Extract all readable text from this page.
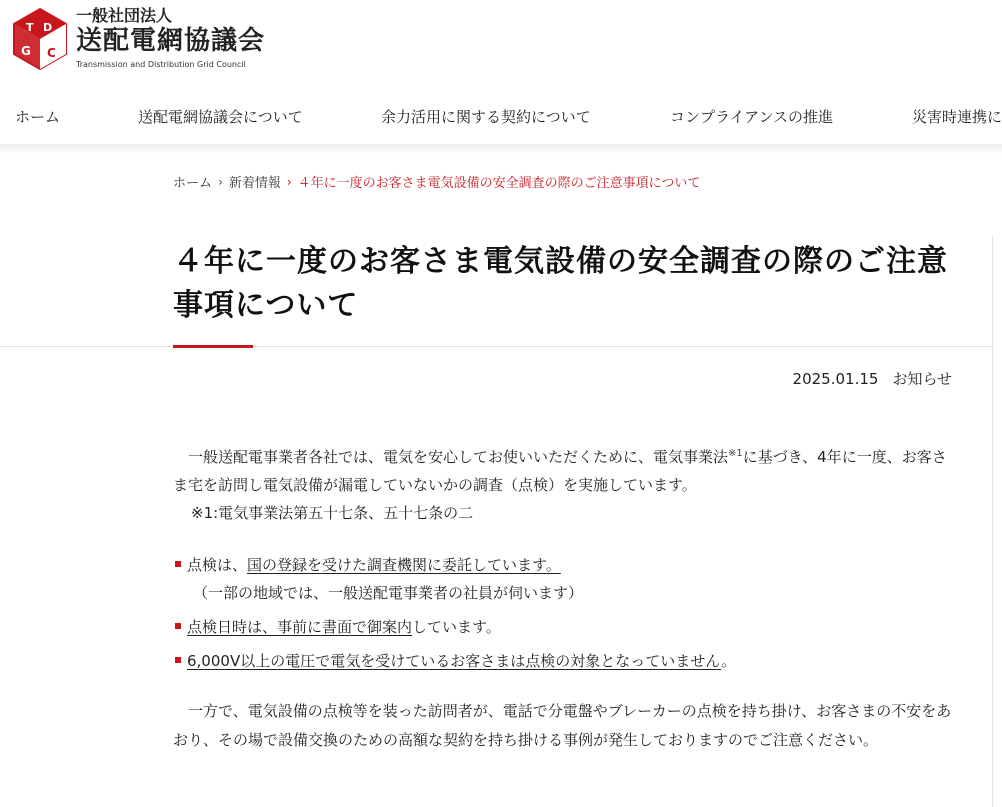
T D
G C
一般社団法人
送配電網協議会
Transmission and Distribution Grid Council
ホーム	送配電網協議会について	余力活用に関する契約について	コンプライアンスの推進	災害時連携に
ホーム › 新着情報 › ４年に一度のお客さま電気設備の安全調査の際のご注意事項について
４年に一度のお客さま電気設備の安全調査の際のご注意事項について
2025.01.15 お知らせ

一般送配電事業者各社では、電気を安心してお使いいただくために、電気事業法$^{※1}$に基づき、4年に一度、お客さま宅を訪問し電気設備が漏電していないかの調査（点検）を実施しています。

※1:電気事業法第五十七条、五十七条の二

点検は、国の登録を受けた調査機関に委託しています。
（一部の地域では、一般送配電事業者の社員が伺います）
点検日時は、事前に書面で御案内しています。
6,000V以上の電圧で電気を受けているお客さまは点検の対象となっていません。

一方で、電気設備の点検等を装った訪問者が、電話で分電盤やブレーカーの点検を持ち掛け、お客さまの不安をあおり、その場で設備交換のための高額な契約を持ち掛ける事例が発生しておりますのでご注意ください。
